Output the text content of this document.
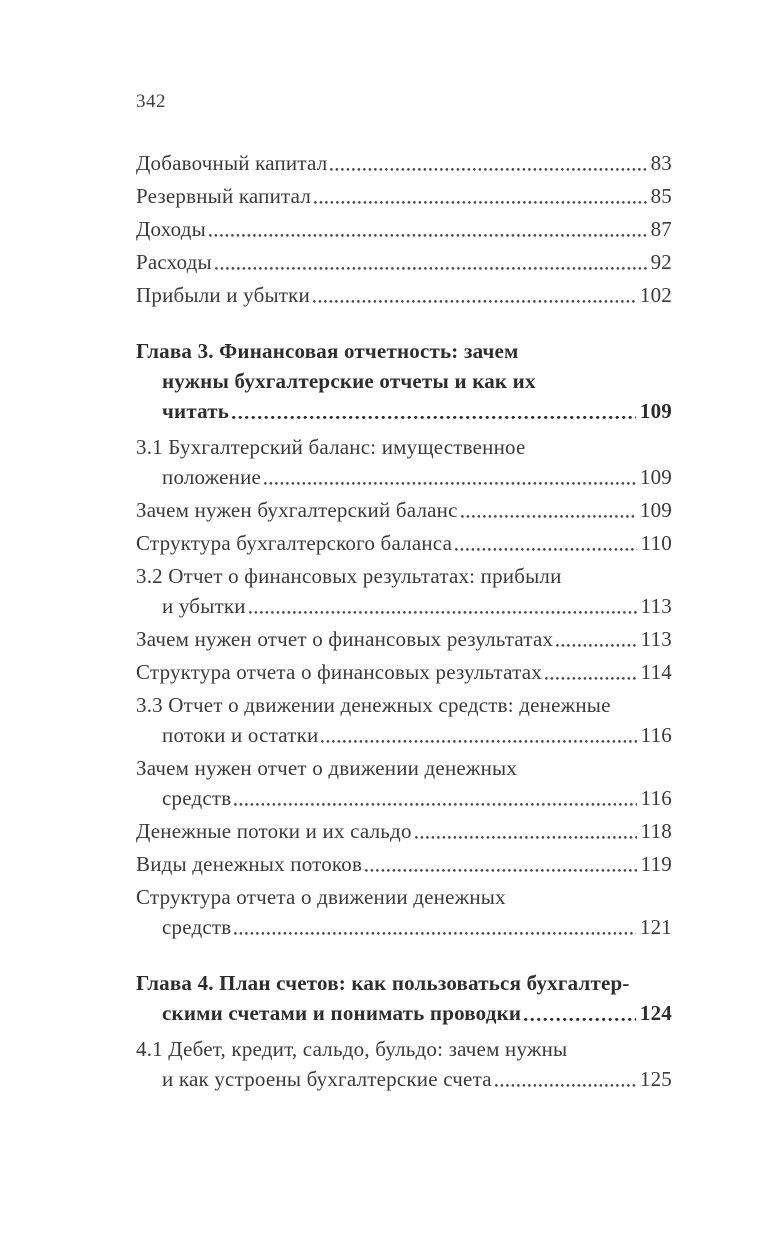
342
Добавочный капитал	83
Резервный капитал	85
Доходы	87
Расходы	92
Прибыли и убытки	102
Глава 3. Финансовая отчетность: зачем
нужны бухгалтерские отчеты и как их
читать	109
3.1 Бухгалтерский баланс: имущественное
положение	109
Зачем нужен бухгалтерский баланс	109
Структура бухгалтерского баланса	110
3.2 Отчет о финансовых результатах: прибыли
и убытки	113
Зачем нужен отчет о финансовых результатах	113
Структура отчета о финансовых результатах	114
3.3 Отчет о движении денежных средств: денежные
потоки и остатки	116
Зачем нужен отчет о движении денежных
средств	116
Денежные потоки и их сальдо	118
Виды денежных потоков	119
Структура отчета о движении денежных
средств	121
Глава 4. План счетов: как пользоваться бухгалтер-
скими счетами и понимать проводки	124
4.1 Дебет, кредит, сальдо, бульдо: зачем нужны
и как устроены бухгалтерские счета	125
